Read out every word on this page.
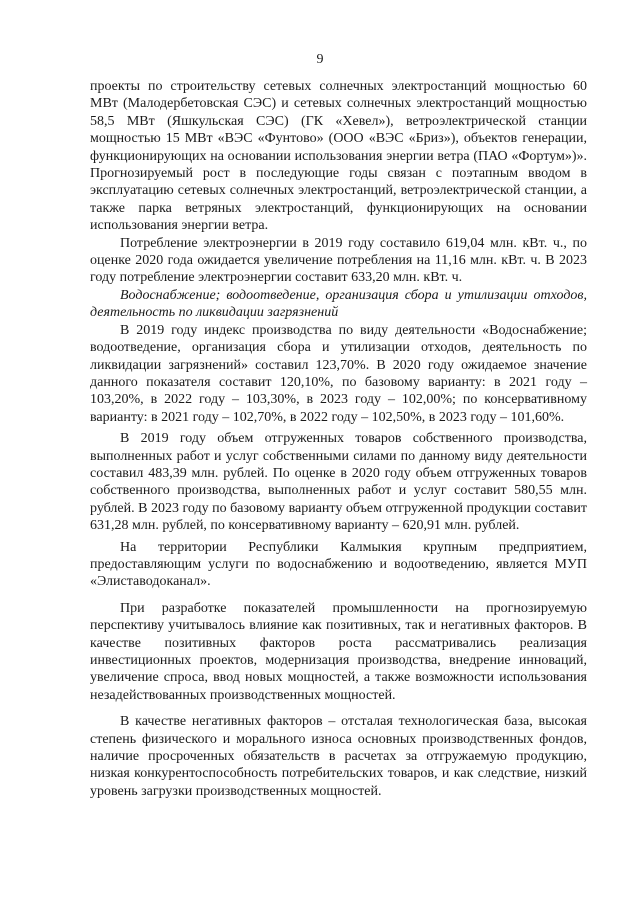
9

проекты по строительству сетевых солнечных электростанций мощностью 60 МВт (Малодербетовская СЭС) и сетевых солнечных электростанций мощностью 58,5 МВт (Яшкульская СЭС) (ГК «Хевел»), ветроэлектрической станции мощностью 15 МВт «ВЭС «Фунтово» (ООО «ВЭС «Бриз»), объектов генерации, функционирующих на основании использования энергии ветра (ПАО «Фортум»)». Прогнозируемый рост в последующие годы связан с поэтапным вводом в эксплуатацию сетевых солнечных электростанций, ветроэлектрической станции, а также парка ветряных электростанций, функционирующих на основании использования энергии ветра.

Потребление электроэнергии в 2019 году составило 619,04 млн. кВт. ч., по оценке 2020 года ожидается увеличение потребления на 11,16 млн. кВт. ч. В 2023 году потребление электроэнергии составит 633,20 млн. кВт. ч.

Водоснабжение; водоотведение, организация сбора и утилизации отходов, деятельность по ликвидации загрязнений

В 2019 году индекс производства по виду деятельности «Водоснабжение; водоотведение, организация сбора и утилизации отходов, деятельность по ликвидации загрязнений» составил 123,70%. В 2020 году ожидаемое значение данного показателя составит 120,10%, по базовому варианту: в 2021 году – 103,20%, в 2022 году – 103,30%, в 2023 году – 102,00%; по консервативному варианту: в 2021 году – 102,70%, в 2022 году – 102,50%, в 2023 году – 101,60%.

В 2019 году объем отгруженных товаров собственного производства, выполненных работ и услуг собственными силами по данному виду деятельности составил 483,39 млн. рублей. По оценке в 2020 году объем отгруженных товаров собственного производства, выполненных работ и услуг составит 580,55 млн. рублей. В 2023 году по базовому варианту объем отгруженной продукции составит 631,28 млн. рублей, по консервативному варианту – 620,91 млн. рублей.

На территории Республики Калмыкия крупным предприятием, предоставляющим услуги по водоснабжению и водоотведению, является МУП «Элиставодоканал».

При разработке показателей промышленности на прогнозируемую перспективу учитывалось влияние как позитивных, так и негативных факторов. В качестве позитивных факторов роста рассматривались реализация инвестиционных проектов, модернизация производства, внедрение инноваций, увеличение спроса, ввод новых мощностей, а также возможности использования незадействованных производственных мощностей.

В качестве негативных факторов – отсталая технологическая база, высокая степень физического и морального износа основных производственных фондов, наличие просроченных обязательств в расчетах за отгружаемую продукцию, низкая конкурентоспособность потребительских товаров, и как следствие, низкий уровень загрузки производственных мощностей.
